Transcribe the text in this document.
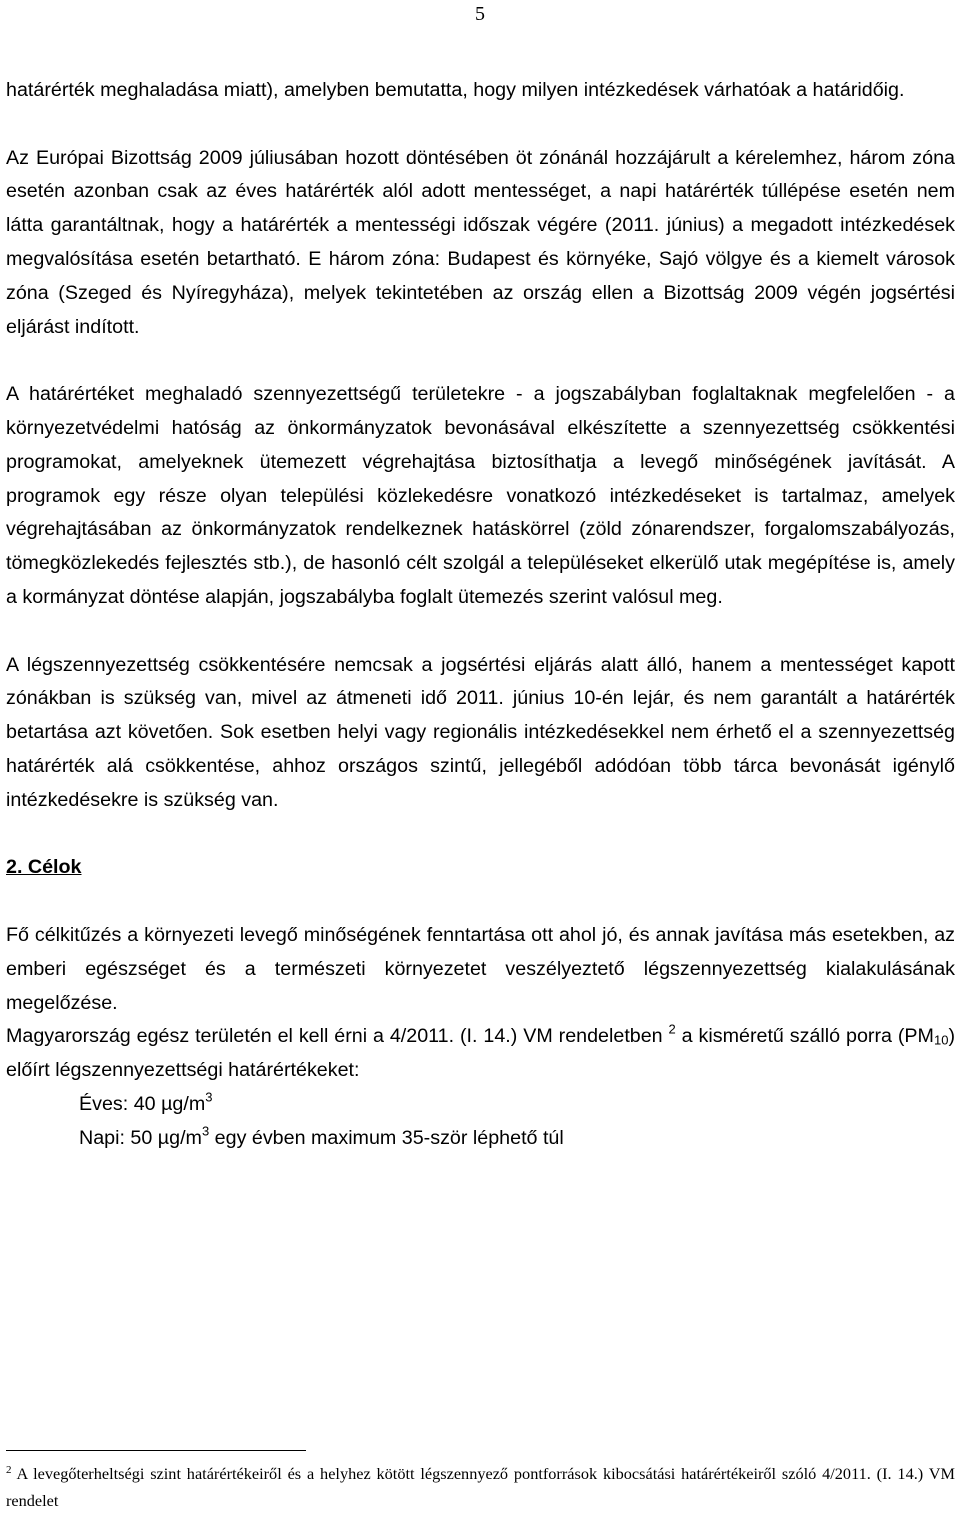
5

határérték meghaladása miatt), amelyben bemutatta, hogy milyen intézkedések várhatóak a határidőig.

Az Európai Bizottság 2009 júliusában hozott döntésében öt zónánál hozzájárult a kérelemhez, három zóna esetén azonban csak az éves határérték alól adott mentességet, a napi határérték túllépése esetén nem látta garantáltnak, hogy a határérték a mentességi időszak végére (2011. június) a megadott intézkedések megvalósítása esetén betartható. E három zóna: Budapest és környéke, Sajó völgye és a kiemelt városok zóna (Szeged és Nyíregyháza), melyek tekintetében az ország ellen a Bizottság 2009 végén jogsértési eljárást indított.

A határértéket meghaladó szennyezettségű területekre - a jogszabályban foglaltaknak megfelelően - a környezetvédelmi hatóság az önkormányzatok bevonásával elkészítette a szennyezettség csökkentési programokat, amelyeknek ütemezett végrehajtása biztosíthatja a levegő minőségének javítását. A programok egy része olyan települési közlekedésre vonatkozó intézkedéseket is tartalmaz, amelyek végrehajtásában az önkormányzatok rendelkeznek hatáskörrel (zöld zónarendszer, forgalomszabályozás, tömegközlekedés fejlesztés stb.), de hasonló célt szolgál a településeket elkerülő utak megépítése is, amely a kormányzat döntése alapján, jogszabályba foglalt ütemezés szerint valósul meg.

A légszennyezettség csökkentésére nemcsak a jogsértési eljárás alatt álló, hanem a mentességet kapott zónákban is szükség van, mivel az átmeneti idő 2011. június 10-én lejár, és nem garantált a határérték betartása azt követően. Sok esetben helyi vagy regionális intézkedésekkel nem érhető el a szennyezettség határérték alá csökkentése, ahhoz országos szintű, jellegéből adódóan több tárca bevonását igénylő intézkedésekre is szükség van.

2. Célok

Fő célkitűzés a környezeti levegő minőségének fenntartása ott ahol jó, és annak javítása más esetekben, az emberi egészséget és a természeti környezetet veszélyeztető légszennyezettség kialakulásának megelőzése.

Magyarország egész területén el kell érni a 4/2011. (I. 14.) VM rendeletben $^2$ a kisméretű szálló porra $(PM_{10})$ előírt légszennyezettségi határértékeket:

Éves: 40 $\mu g/m^3$

Napi: 50 $\mu g/m^3$ egy évben maximum 35-ször léphető túl

$^2$ A levegőterheltségi szint határértékeiről és a helyhez kötött légszennyező pontforrások kibocsátási határértékeiről szóló 4/2011. (I. 14.) VM rendelet
